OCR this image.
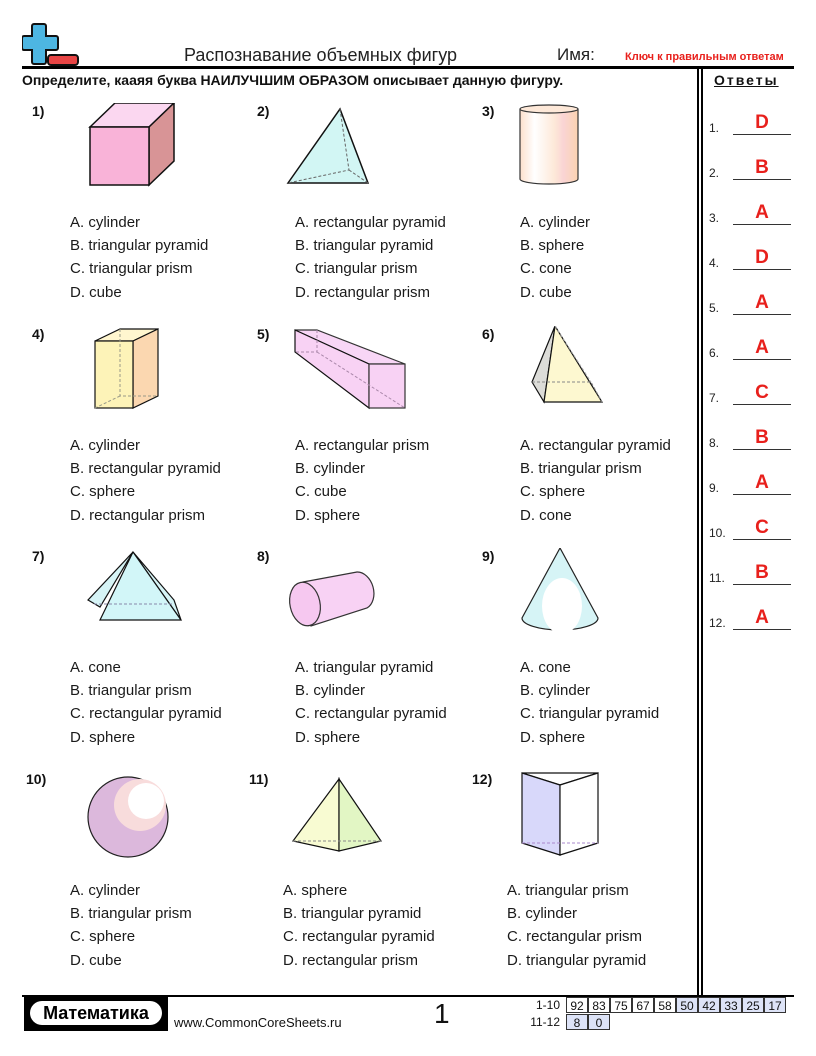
Распознавание объемных фигур	Имя:	Ключ к правильным ответам
Определите, кааяя буква НАИЛУЧШИМ ОБРАЗОМ описывает данную фигуру.	Ответы
1.	D
2.	B
3.	A
4.	D
5.	A
6.	A
7.	C
8.	B
9.	A
10.	C
11.	B
12.	A
1)
A. cylinder
B. triangular pyramid
C. triangular prism
D. cube
2)
A. rectangular pyramid
B. triangular pyramid
C. triangular prism
D. rectangular prism
3)
A. cylinder
B. sphere
C. cone
D. cube
4)
A. cylinder
B. rectangular pyramid
C. sphere
D. rectangular prism
5)
A. rectangular prism
B. cylinder
C. cube
D. sphere
6)
A. rectangular pyramid
B. triangular prism
C. sphere
D. cone
7)
A. cone
B. triangular prism
C. rectangular pyramid
D. sphere
8)
A. triangular pyramid
B. cylinder
C. rectangular pyramid
D. sphere
9)
A. cone
B. cylinder
C. triangular pyramid
D. sphere
10)
A. cylinder
B. triangular prism
C. sphere
D. cube
11)
A. sphere
B. triangular pyramid
C. rectangular pyramid
D. rectangular prism
12)
A. triangular prism
B. cylinder
C. rectangular prism
D. triangular pyramid
Математика	www.CommonCoreSheets.ru	1	1-10 92 83 75 67 58 50 42 33 25 17
11-12	8	0
